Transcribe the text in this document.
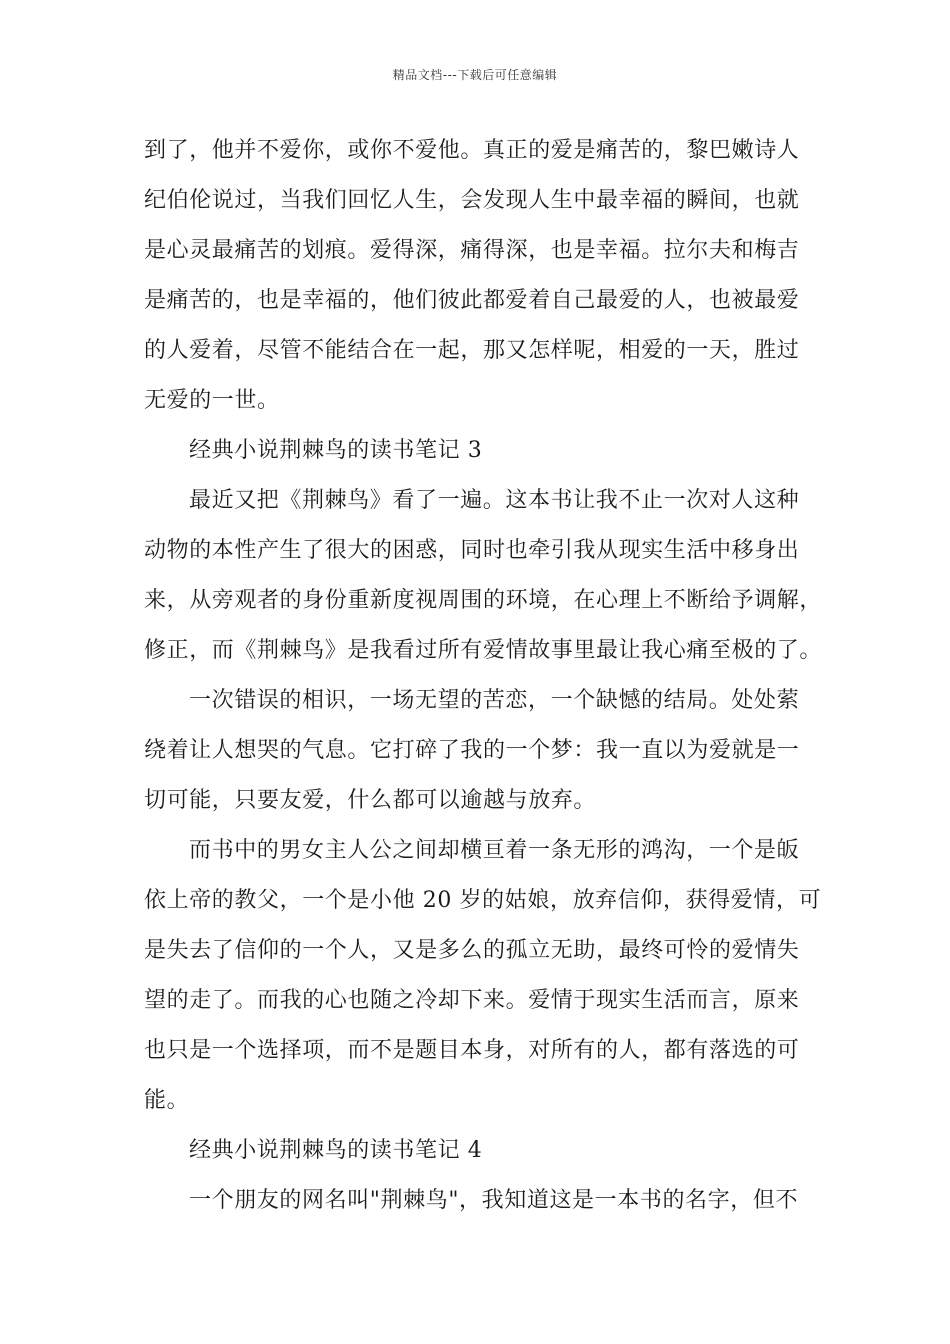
精品文档---下载后可任意编辑
到了，他并不爱你，或你不爱他。真正的爱是痛苦的，黎巴嫩诗人
纪伯伦说过，当我们回忆人生，会发现人生中最幸福的瞬间，也就
是心灵最痛苦的划痕。爱得深，痛得深，也是幸福。拉尔夫和梅吉
是痛苦的，也是幸福的，他们彼此都爱着自己最爱的人，也被最爱
的人爱着，尽管不能结合在一起，那又怎样呢，相爱的一天，胜过
无爱的一世。
经典小说荆棘鸟的读书笔记 3
最近又把《荆棘鸟》看了一遍。这本书让我不止一次对人这种
动物的本性产生了很大的困惑，同时也牵引我从现实生活中移身出
来，从旁观者的身份重新度视周围的环境，在心理上不断给予调解，
修正，而《荆棘鸟》是我看过所有爱情故事里最让我心痛至极的了。
一次错误的相识，一场无望的苦恋，一个缺憾的结局。处处萦
绕着让人想哭的气息。它打碎了我的一个梦：我一直以为爱就是一
切可能，只要友爱，什么都可以逾越与放弃。
而书中的男女主人公之间却横亘着一条无形的鸿沟，一个是皈
依上帝的教父，一个是小他 20 岁的姑娘，放弃信仰，获得爱情，可
是失去了信仰的一个人，又是多么的孤立无助，最终可怜的爱情失
望的走了。而我的心也随之冷却下来。爱情于现实生活而言，原来
也只是一个选择项，而不是题目本身，对所有的人，都有落选的可
能。
经典小说荆棘鸟的读书笔记 4
一个朋友的网名叫"荆棘鸟"，我知道这是一本书的名字，但不
